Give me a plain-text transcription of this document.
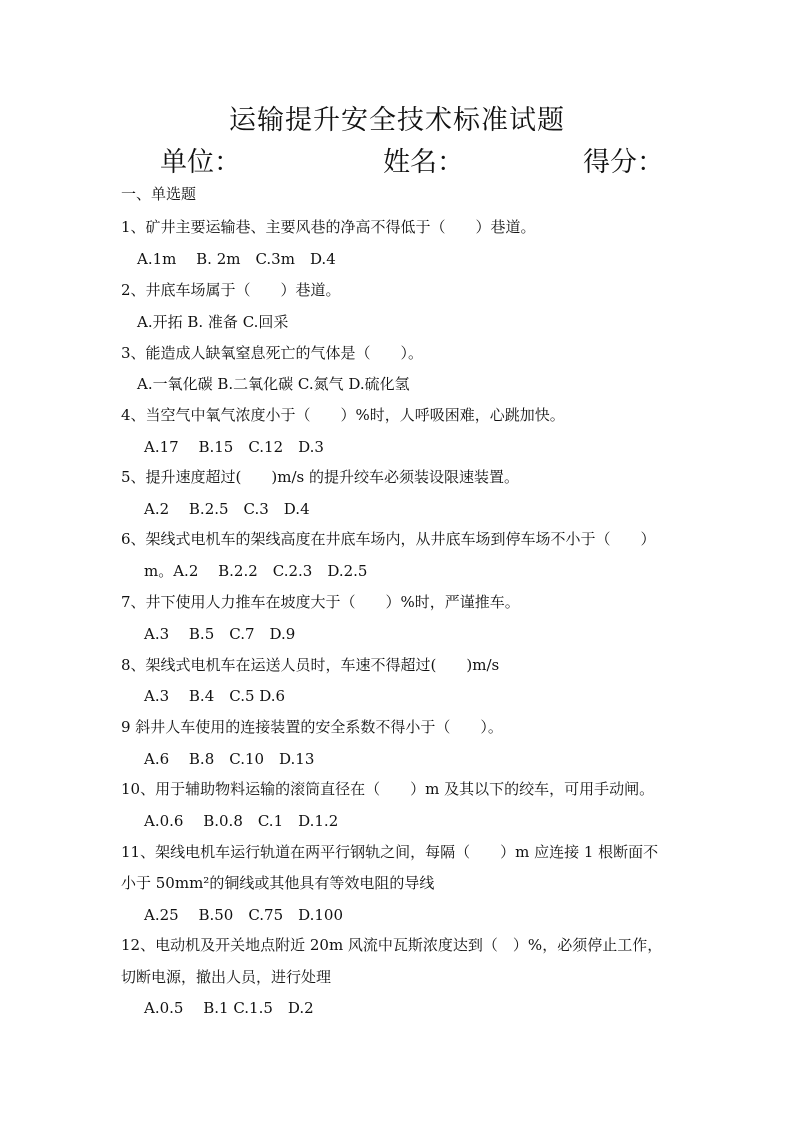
运输提升安全技术标准试题
单位：	姓名：	得分：
一、单选题
1、矿井主要运输巷、主要风巷的净高不得低于（　　）巷道。
A.1m　 B. 2m　C.3m　D.4
2、井底车场属于（　　）巷道。
A.开拓 B. 准备 C.回采
3、能造成人缺氧窒息死亡的气体是（　　）。
A.一氧化碳 B.二氧化碳 C.氮气 D.硫化氢
4、当空气中氧气浓度小于（　　）%时，人呼吸困难，心跳加快。
A.17　 B.15　C.12　D.3
5、提升速度超过(　　)m/s 的提升绞车必须装设限速装置。
A.2　 B.2.5　C.3　D.4
6、架线式电机车的架线高度在井底车场内，从井底车场到停车场不小于（　　）
m。A.2　 B.2.2　C.2.3　D.2.5
7、井下使用人力推车在坡度大于（　　）%时，严谨推车。
A.3　 B.5　C.7　D.9
8、架线式电机车在运送人员时，车速不得超过(　　)m/s
A.3　 B.4　C.5 D.6
9 斜井人车使用的连接装置的安全系数不得小于（　　）。
A.6　 B.8　C.10　D.13
10、用于辅助物料运输的滚筒直径在（　　）m 及其以下的绞车，可用手动闸。
A.0.6　 B.0.8　C.1　D.1.2
11、架线电机车运行轨道在两平行钢轨之间，每隔（　　）m 应连接 1 根断面不
小于 50mm²的铜线或其他具有等效电阻的导线
A.25　 B.50　C.75　D.100
12、电动机及开关地点附近 20m 风流中瓦斯浓度达到（　）%，必须停止工作，
切断电源，撤出人员，进行处理
A.0.5　 B.1 C.1.5　D.2
